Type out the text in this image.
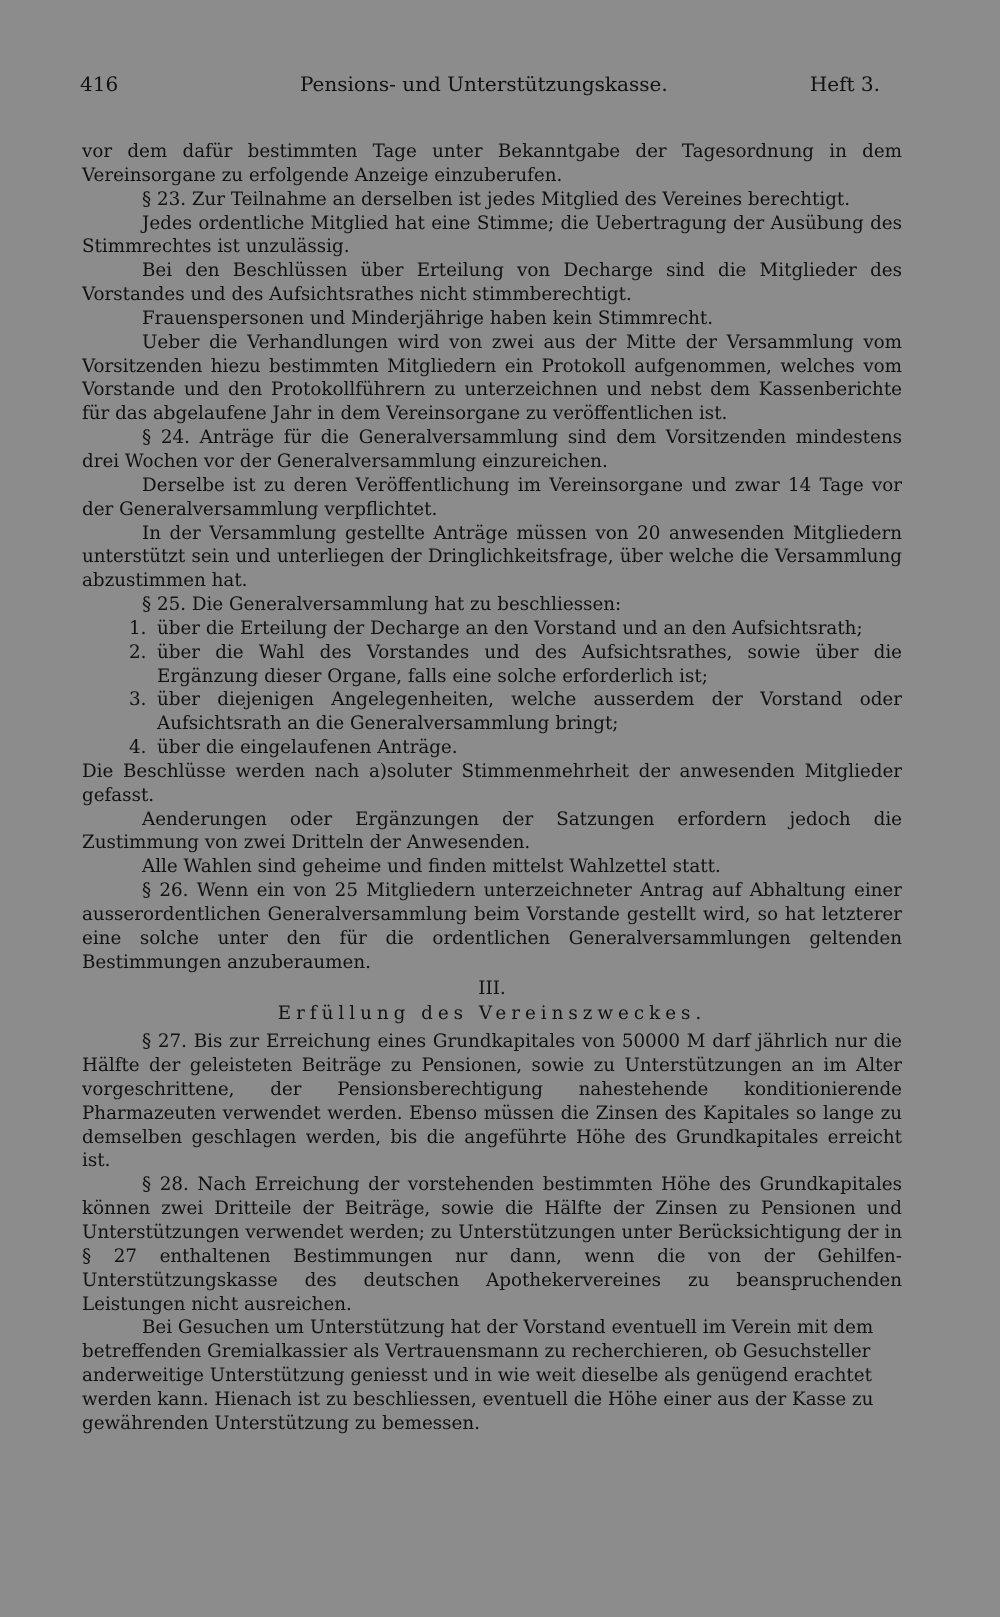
416	Pensions- und Unterstützungskasse.	Heft 3.

vor dem dafür bestimmten Tage unter Bekanntgabe der Tagesordnung in dem Vereinsorgane zu erfolgende Anzeige einzuberufen.

§ 23. Zur Teilnahme an derselben ist jedes Mitglied des Vereines berechtigt.

Jedes ordentliche Mitglied hat eine Stimme; die Uebertragung der Ausübung des Stimmrechtes ist unzulässig.

Bei den Beschlüssen über Erteilung von Decharge sind die Mitglieder des Vorstandes und des Aufsichtsrathes nicht stimmberechtigt.

Frauenspersonen und Minderjährige haben kein Stimmrecht.

Ueber die Verhandlungen wird von zwei aus der Mitte der Versammlung vom Vorsitzenden hiezu bestimmten Mitgliedern ein Protokoll aufgenommen, welches vom Vorstande und den Protokollführern zu unterzeichnen und nebst dem Kassenberichte für das abgelaufene Jahr in dem Vereinsorgane zu veröffentlichen ist.

§ 24. Anträge für die Generalversammlung sind dem Vorsitzenden mindestens drei Wochen vor der Generalversammlung einzureichen.

Derselbe ist zu deren Veröffentlichung im Vereinsorgane und zwar 14 Tage vor der Generalversammlung verpflichtet.

In der Versammlung gestellte Anträge müssen von 20 anwesenden Mitgliedern unterstützt sein und unterliegen der Dringlichkeitsfrage, über welche die Versammlung abzustimmen hat.

§ 25. Die Generalversammlung hat zu beschliessen:

1. über die Erteilung der Decharge an den Vorstand und an den Aufsichtsrath;
2. über die Wahl des Vorstandes und des Aufsichtsrathes, sowie über die Ergänzung dieser Organe, falls eine solche erforderlich ist;
3. über diejenigen Angelegenheiten, welche ausserdem der Vorstand oder Aufsichtsrath an die Generalversammlung bringt;
4. über die eingelaufenen Anträge.

Die Beschlüsse werden nach a)soluter Stimmenmehrheit der anwesenden Mitglieder gefasst.

Aenderungen oder Ergänzungen der Satzungen erfordern jedoch die Zustimmung von zwei Dritteln der Anwesenden.

Alle Wahlen sind geheime und finden mittelst Wahlzettel statt.

§ 26. Wenn ein von 25 Mitgliedern unterzeichneter Antrag auf Abhaltung einer ausserordentlichen Generalversammlung beim Vorstande gestellt wird, so hat letzterer eine solche unter den für die ordentlichen Generalversammlungen geltenden Bestimmungen anzuberaumen.

III.

Erfüllung des Vereinszweckes.

§ 27. Bis zur Erreichung eines Grundkapitales von 50000 M darf jährlich nur die Hälfte der geleisteten Beiträge zu Pensionen, sowie zu Unterstützungen an im Alter vorgeschrittene, der Pensionsberechtigung nahestehende konditionierende Pharmazeuten verwendet werden. Ebenso müssen die Zinsen des Kapitales so lange zu demselben geschlagen werden, bis die angeführte Höhe des Grundkapitales erreicht ist.

§ 28. Nach Erreichung der vorstehenden bestimmten Höhe des Grundkapitales können zwei Dritteile der Beiträge, sowie die Hälfte der Zinsen zu Pensionen und Unterstützungen verwendet werden; zu Unterstützungen unter Berücksichtigung der in § 27 enthaltenen Bestimmungen nur dann, wenn die von der Gehilfen-Unterstützungskasse des deutschen Apothekervereines zu beanspruchenden Leistungen nicht ausreichen.

Bei Gesuchen um Unterstützung hat der Vorstand eventuell im Verein mit dem betreffenden Gremialkassier als Vertrauensmann zu recherchieren, ob Gesuchsteller anderweitige Unterstützung geniesst und in wie weit dieselbe als genügend erachtet werden kann. Hienach ist zu beschliessen, eventuell die Höhe einer aus der Kasse zu gewährenden Unterstützung zu bemessen.
